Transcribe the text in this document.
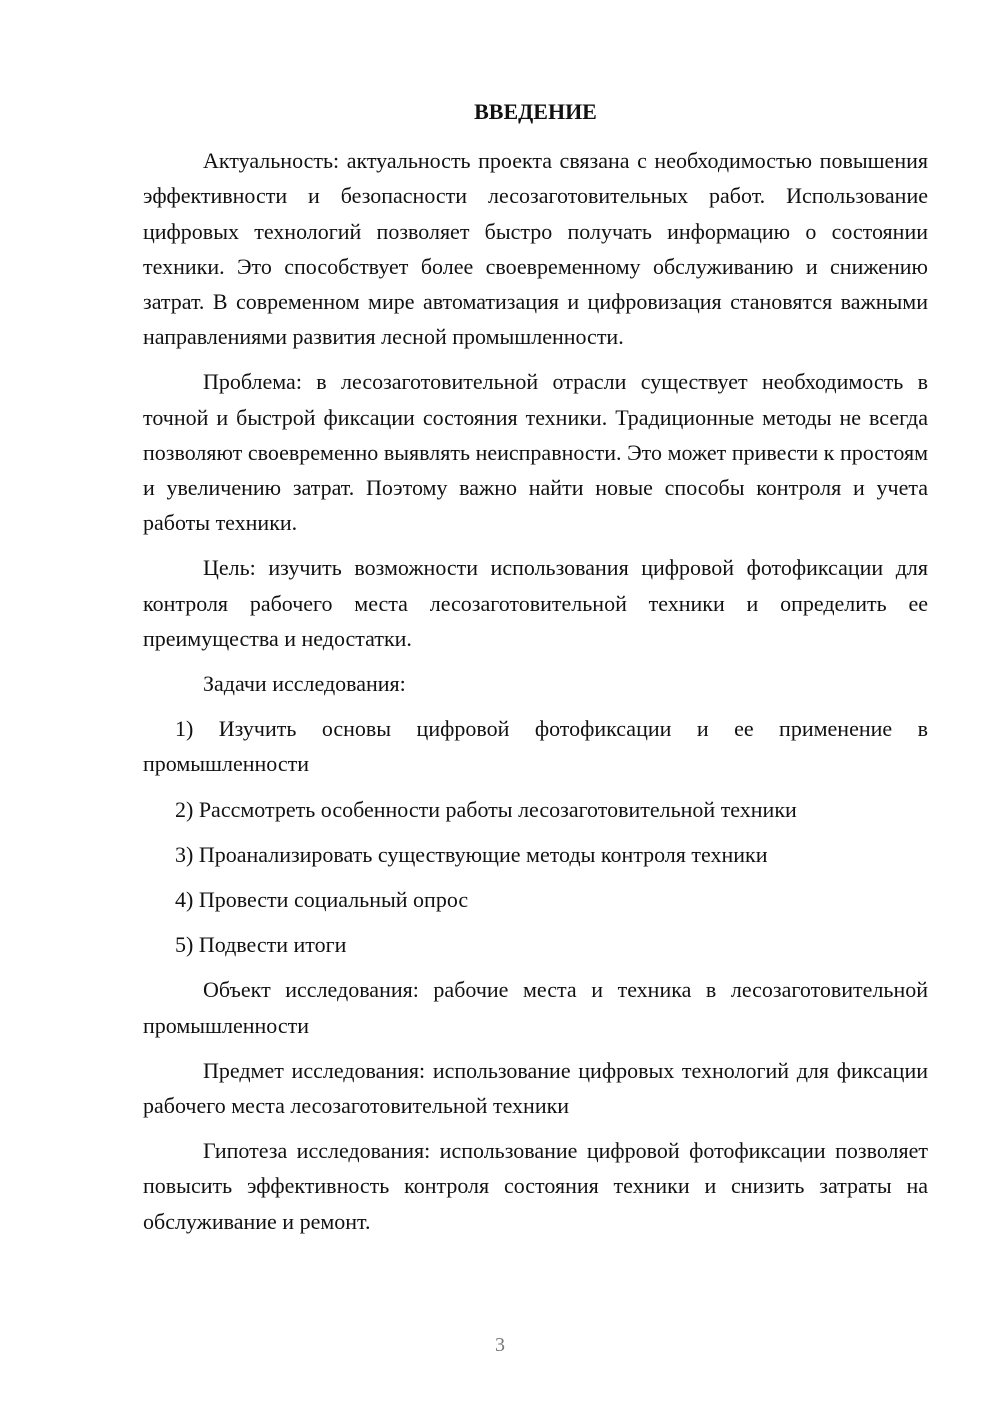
ВВЕДЕНИЕ

Актуальность: актуальность проекта связана с необходимостью повышения эффективности и безопасности лесозаготовительных работ. Использование цифровых технологий позволяет быстро получать информацию о состоянии техники. Это способствует более своевременному обслуживанию и снижению затрат. В современном мире автоматизация и цифровизация становятся важными направлениями развития лесной промышленности.

Проблема: в лесозаготовительной отрасли существует необходимость в точной и быстрой фиксации состояния техники. Традиционные методы не всегда позволяют своевременно выявлять неисправности. Это может привести к простоям и увеличению затрат. Поэтому важно найти новые способы контроля и учета работы техники.

Цель: изучить возможности использования цифровой фотофиксации для контроля рабочего места лесозаготовительной техники и определить ее преимущества и недостатки.

Задачи исследования:

1) Изучить основы цифровой фотофиксации и ее применение в промышленности

2) Рассмотреть особенности работы лесозаготовительной техники

3) Проанализировать существующие методы контроля техники

4) Провести социальный опрос

5) Подвести итоги

Объект исследования: рабочие места и техника в лесозаготовительной промышленности

Предмет исследования: использование цифровых технологий для фиксации рабочего места лесозаготовительной техники

Гипотеза исследования: использование цифровой фотофиксации позволяет повысить эффективность контроля состояния техники и снизить затраты на обслуживание и ремонт.

3
